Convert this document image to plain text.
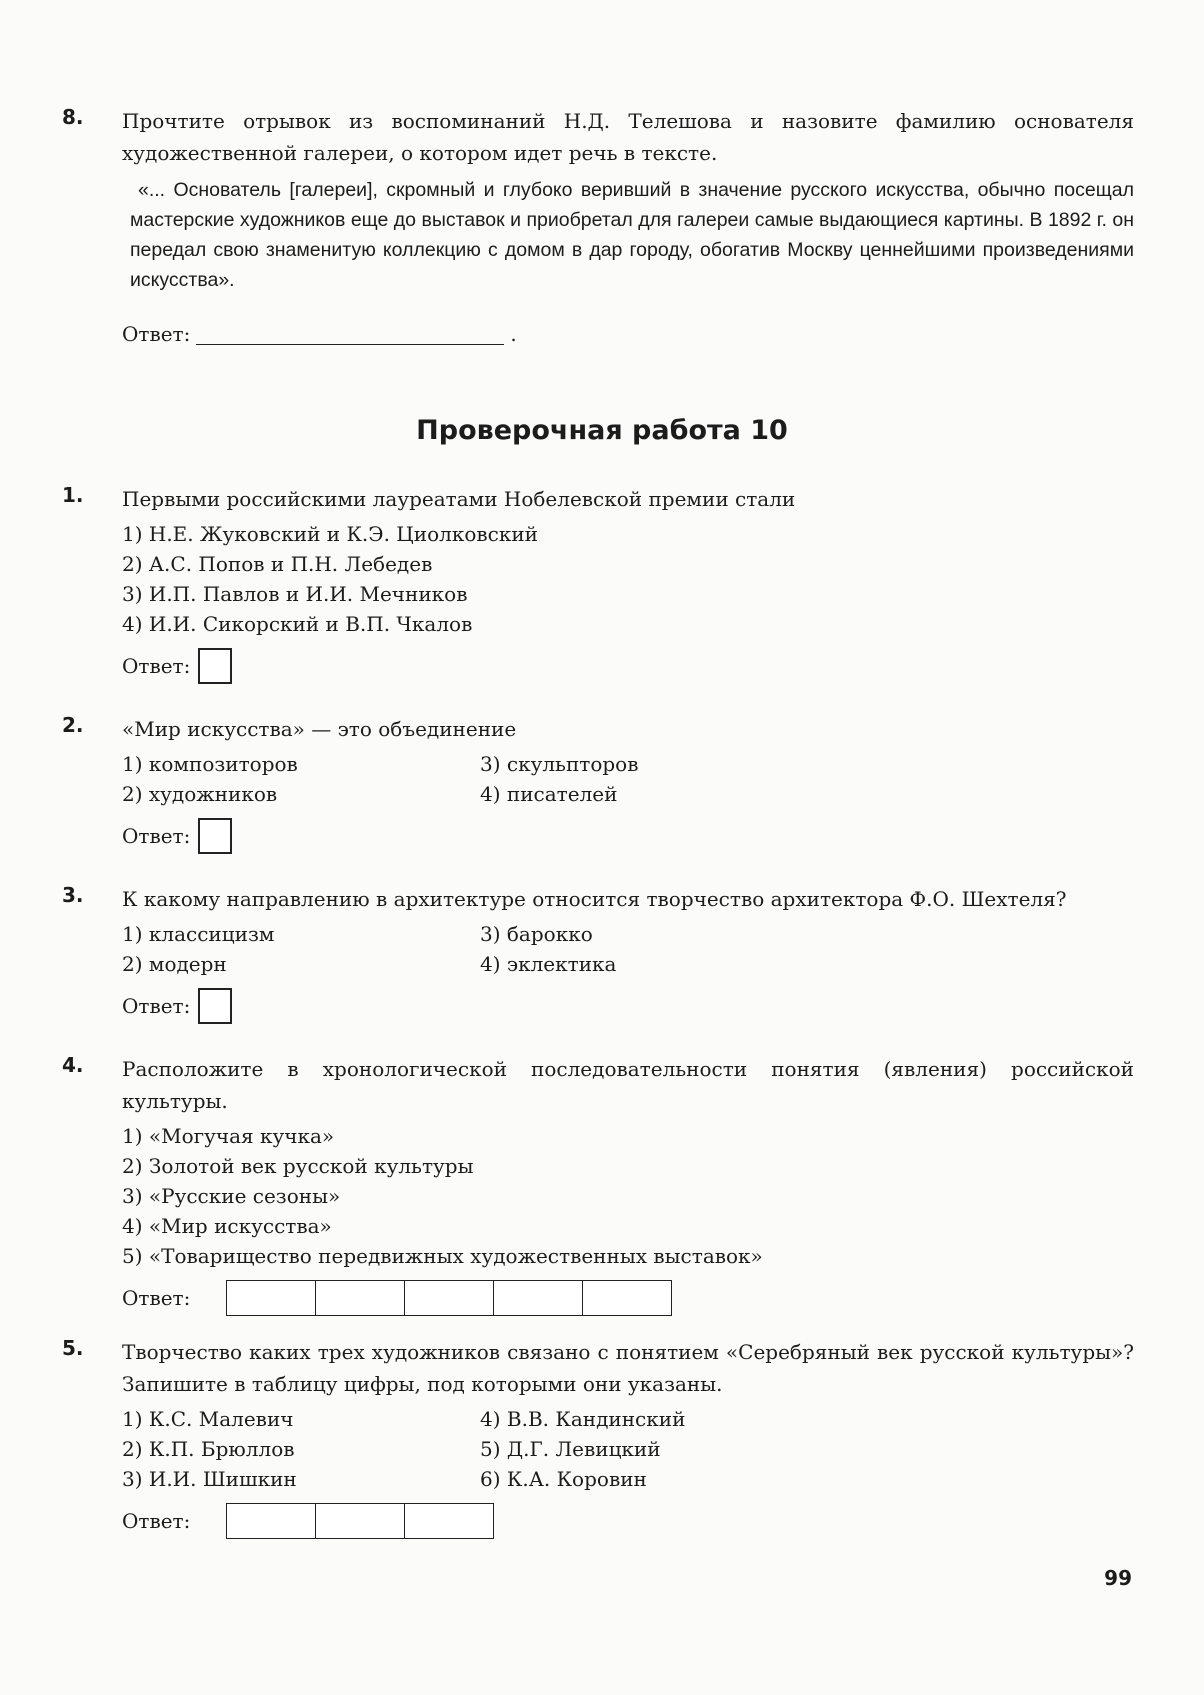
8. Прочтите отрывок из воспоминаний Н.Д. Телешова и назовите фамилию основателя художественной галереи, о котором идет речь в тексте.
«... Основатель [галереи], скромный и глубоко веривший в значение русского искусства, обычно посещал мастерские художников еще до выставок и приобретал для галереи самые выдающиеся картины. В 1892 г. он передал свою знаменитую коллекцию с домом в дар городу, обогатив Москву ценнейшими произведениями искусства».
Ответ:	.
Проверочная работа 10
1. Первыми российскими лауреатами Нобелевской премии стали
1) Н.Е. Жуковский и К.Э. Циолковский
2) А.С. Попов и П.Н. Лебедев
3) И.П. Павлов и И.И. Мечников
4) И.И. Сикорский и В.П. Чкалов
Ответ:
2. «Мир искусства» — это объединение
1) композиторов	3) скульпторов
2) художников	4) писателей
Ответ:
3. К какому направлению в архитектуре относится творчество архитектора Ф.О. Шехтеля?
1) классицизм	3) барокко
2) модерн	4) эклектика
Ответ:
4. Расположите в хронологической последовательности понятия (явления) российской культуры.
1) «Могучая кучка»
2) Золотой век русской культуры
3) «Русские сезоны»
4) «Мир искусства»
5) «Товарищество передвижных художественных выставок»
Ответ:
5. Творчество каких трех художников связано с понятием «Серебряный век русской культуры»? Запишите в таблицу цифры, под которыми они указаны.
1) К.С. Малевич	4) В.В. Кандинский
2) К.П. Брюллов	5) Д.Г. Левицкий
3) И.И. Шишкин	6) К.А. Коровин
Ответ:
99
